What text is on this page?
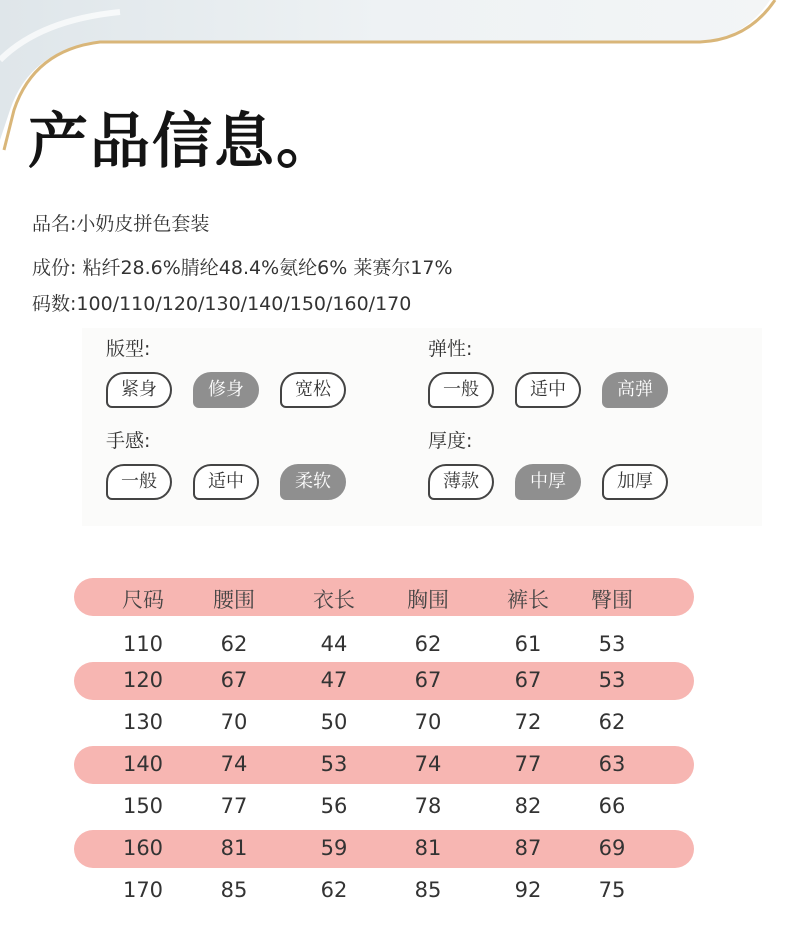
产品信息。
品名:小奶皮拼色套装
成份: 粘纤28.6%腈纶48.4%氨纶6% 莱赛尔17%
码数:100/110/120/130/140/150/160/170
版型:
紧身	修身	宽松
弹性:
一般	适中	高弹
手感:
一般	适中	柔软
厚度:
薄款	中厚	加厚
尺码	腰围	衣长	胸围	裤长	臀围
110	62	44	62	61	53
120	67	47	67	67	53
130	70	50	70	72	62
140	74	53	74	77	63
150	77	56	78	82	66
160	81	59	81	87	69
170	85	62	85	92	75
